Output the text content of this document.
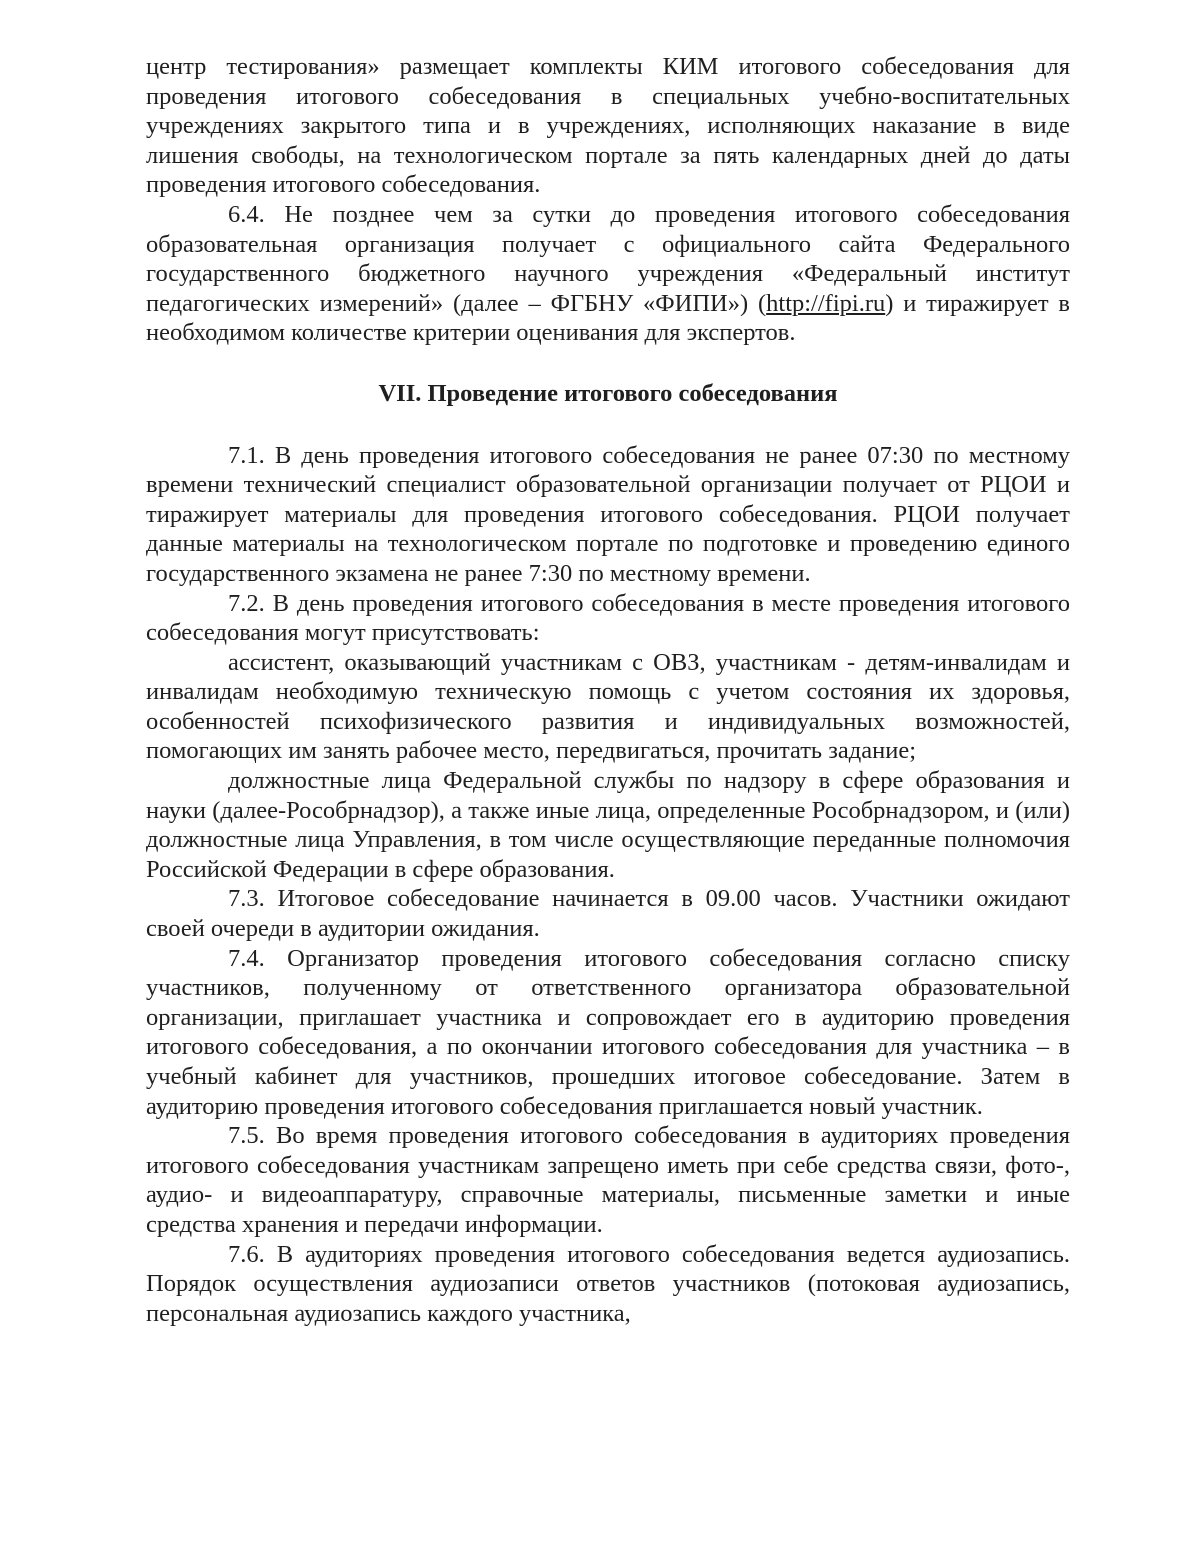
центр тестирования» размещает комплекты КИМ итогового собеседования для проведения итогового собеседования в специальных учебно-воспитательных учреждениях закрытого типа и в учреждениях, исполняющих наказание в виде лишения свободы, на технологическом портале за пять календарных дней до даты проведения итогового собеседования.

6.4. Не позднее чем за сутки до проведения итогового собеседования образовательная организация получает с официального сайта Федерального государственного бюджетного научного учреждения «Федеральный институт педагогических измерений» (далее – ФГБНУ «ФИПИ») (http://fipi.ru) и тиражирует в необходимом количестве критерии оценивания для экспертов.

VII. Проведение итогового собеседования

7.1. В день проведения итогового собеседования не ранее 07:30 по местному времени технический специалист образовательной организации получает от РЦОИ и тиражирует материалы для проведения итогового собеседования. РЦОИ получает данные материалы на технологическом портале по подготовке и проведению единого государственного экзамена не ранее 7:30 по местному времени.

7.2. В день проведения итогового собеседования в месте проведения итогового собеседования могут присутствовать:

ассистент, оказывающий участникам с ОВЗ, участникам - детям-инвалидам и инвалидам необходимую техническую помощь с учетом состояния их здоровья, особенностей психофизического развития и индивидуальных возможностей, помогающих им занять рабочее место, передвигаться, прочитать задание;

должностные лица Федеральной службы по надзору в сфере образования и науки (далее-Рособрнадзор), а также иные лица, определенные Рособрнадзором, и (или) должностные лица Управления, в том числе осуществляющие переданные полномочия Российской Федерации в сфере образования.

7.3. Итоговое собеседование начинается в 09.00 часов. Участники ожидают своей очереди в аудитории ожидания.

7.4. Организатор проведения итогового собеседования согласно списку участников, полученному от ответственного организатора образовательной организации, приглашает участника и сопровождает его в аудиторию проведения итогового собеседования, а по окончании итогового собеседования для участника – в учебный кабинет для участников, прошедших итоговое собеседование. Затем в аудиторию проведения итогового собеседования приглашается новый участник.

7.5. Во время проведения итогового собеседования в аудиториях проведения итогового собеседования участникам запрещено иметь при себе средства связи, фото-, аудио- и видеоаппаратуру, справочные материалы, письменные заметки и иные средства хранения и передачи информации.

7.6. В аудиториях проведения итогового собеседования ведется аудиозапись. Порядок осуществления аудиозаписи ответов участников (потоковая аудиозапись, персональная аудиозапись каждого участника,
